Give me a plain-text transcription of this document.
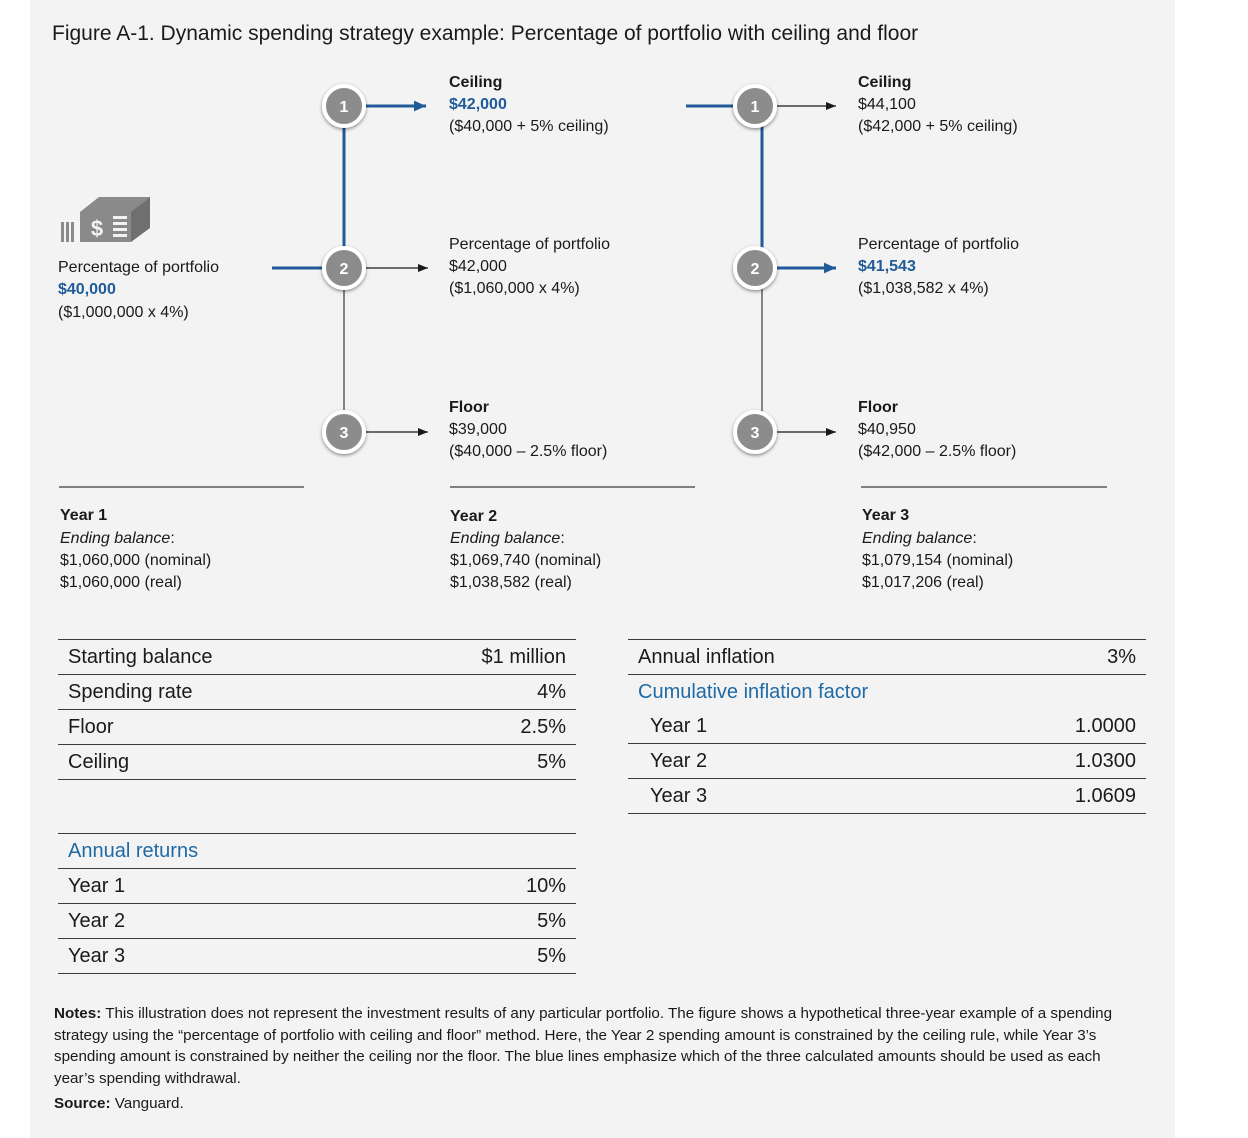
Figure A-1. Dynamic spending strategy example: Percentage of portfolio with ceiling and floor
$
1
2
3
1
2
3
Percentage of portfolio
$40,000
($1,000,000 x 4%)
Ceiling
$42,000
($40,000 + 5% ceiling)
Percentage of portfolio
$42,000
($1,060,000 x 4%)
Floor
$39,000
($40,000 – 2.5% floor)
Ceiling
$44,100
($42,000 + 5% ceiling)
Percentage of portfolio
$41,543
($1,038,582 x 4%)
Floor
$40,950
($42,000 – 2.5% floor)
Year 1
Ending balance:
$1,060,000 (nominal)
$1,060,000 (real)
Year 2
Ending balance:
$1,069,740 (nominal)
$1,038,582 (real)
Year 3
Ending balance:
$1,079,154 (nominal)
$1,017,206 (real)
Starting balance	$1 million
Spending rate	4%
Floor	2.5%
Ceiling	5%
Annual returns
Year 1	10%
Year 2	5%
Year 3	5%
Annual inflation	3%
Cumulative inflation factor
Year 1	1.0000
Year 2	1.0300
Year 3	1.0609

Notes: This illustration does not represent the investment results of any particular portfolio. The figure shows a hypothetical three-year example of a spending strategy using the “percentage of portfolio with ceiling and floor” method. Here, the Year 2 spending amount is constrained by the ceiling rule, while Year 3’s spending amount is constrained by neither the ceiling nor the floor. The blue lines emphasize which of the three calculated amounts should be used as each year’s spending withdrawal.

Source: Vanguard.
